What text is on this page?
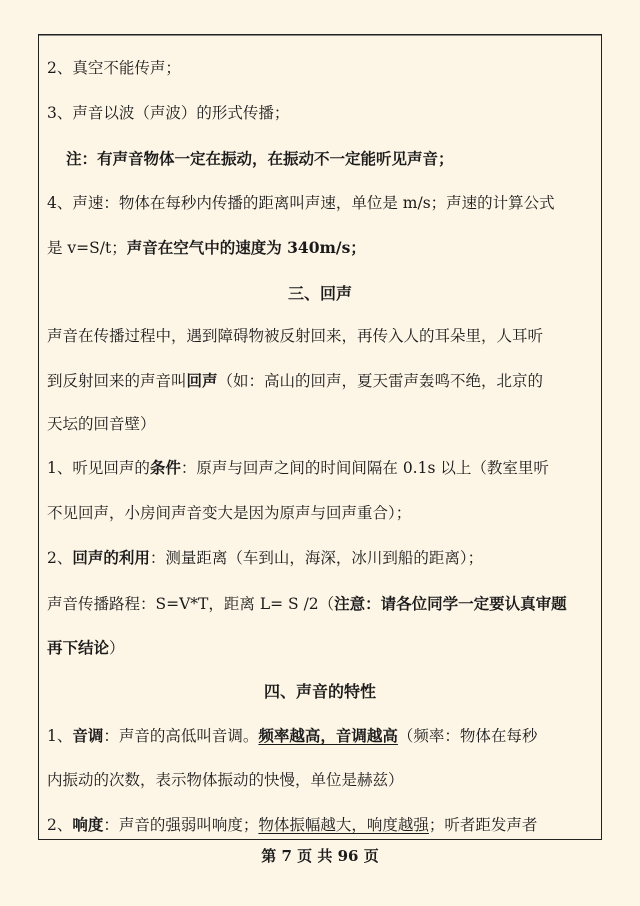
2、真空不能传声；
3、声音以波（声波）的形式传播；
注：有声音物体一定在振动，在振动不一定能听见声音；
4、声速：物体在每秒内传播的距离叫声速，单位是 m/s；声速的计算公式
是 v=S/t；声音在空气中的速度为 340m/s；
三、回声
声音在传播过程中，遇到障碍物被反射回来，再传入人的耳朵里，人耳听
到反射回来的声音叫回声（如：高山的回声，夏天雷声轰鸣不绝，北京的
天坛的回音壁）
1、听见回声的条件：原声与回声之间的时间间隔在 0.1s 以上（教室里听
不见回声，小房间声音变大是因为原声与回声重合）；
2、回声的利用：测量距离（车到山，海深，冰川到船的距离）；
声音传播路程：S=V*T，距离 L= S /2（注意：请各位同学一定要认真审题
再下结论）
四、声音的特性
1、音调：声音的高低叫音调。频率越高，音调越高（频率：物体在每秒
内振动的次数，表示物体振动的快慢，单位是赫兹）
2、响度：声音的强弱叫响度；物体振幅越大，响度越强；听者距发声者
第 7 页 共 96 页
